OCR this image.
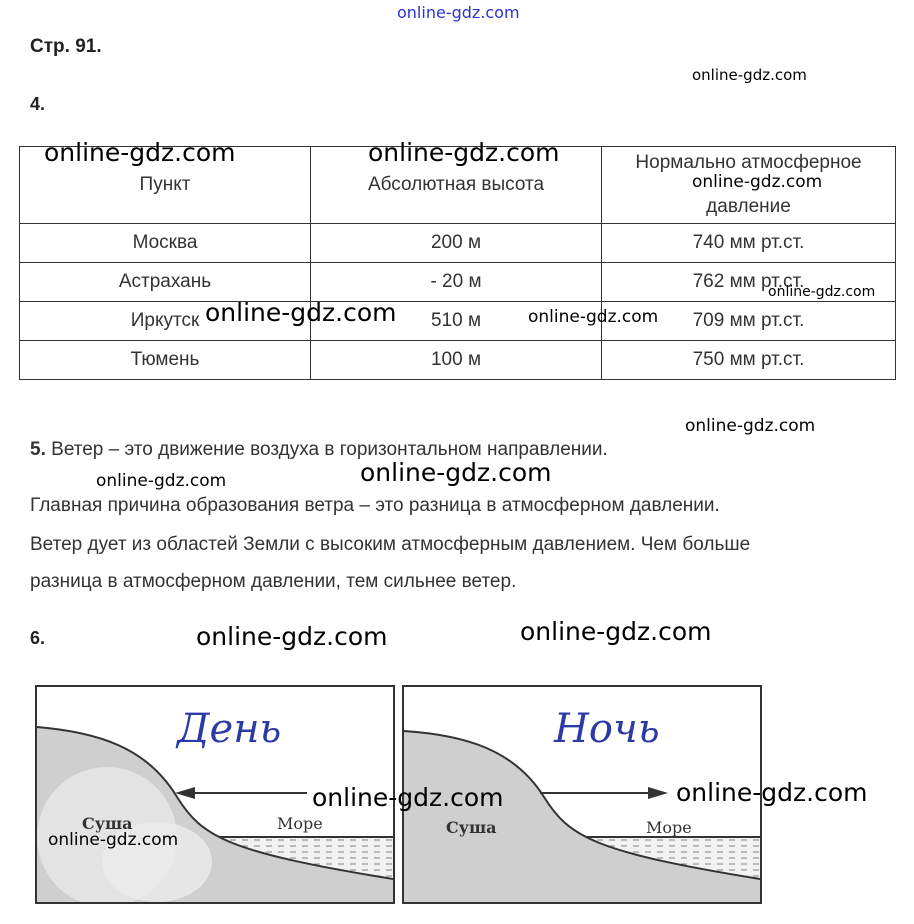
online-gdz.com
Стр. 91.
online-gdz.com
4.
Пункт	Абсолютная высота	Нормально атмосферное

давление
Москва	200 м	740 мм рт.ст.
Астрахань	- 20 м	762 мм рт.ст.
Иркутск	510 м	709 мм рт.ст.
Тюмень	100 м	750 мм рт.ст.
online-gdz.com	online-gdz.com
online-gdz.com
online-gdz.com
online-gdz.com	online-gdz.com
online-gdz.com
5. Ветер – это движение воздуха в горизонтальном направлении.
online-gdz.com	online-gdz.com
Главная причина образования ветра – это разница в атмосферном давлении.
Ветер дует из областей Земли с высоким атмосферным давлением. Чем больше
разница в атмосферном давлении, тем сильнее ветер.
6.	online-gdz.com	online-gdz.com
День
Суша	Море
Ночь
Суша	Море
online-gdz.com	online-gdz.com
online-gdz.com
